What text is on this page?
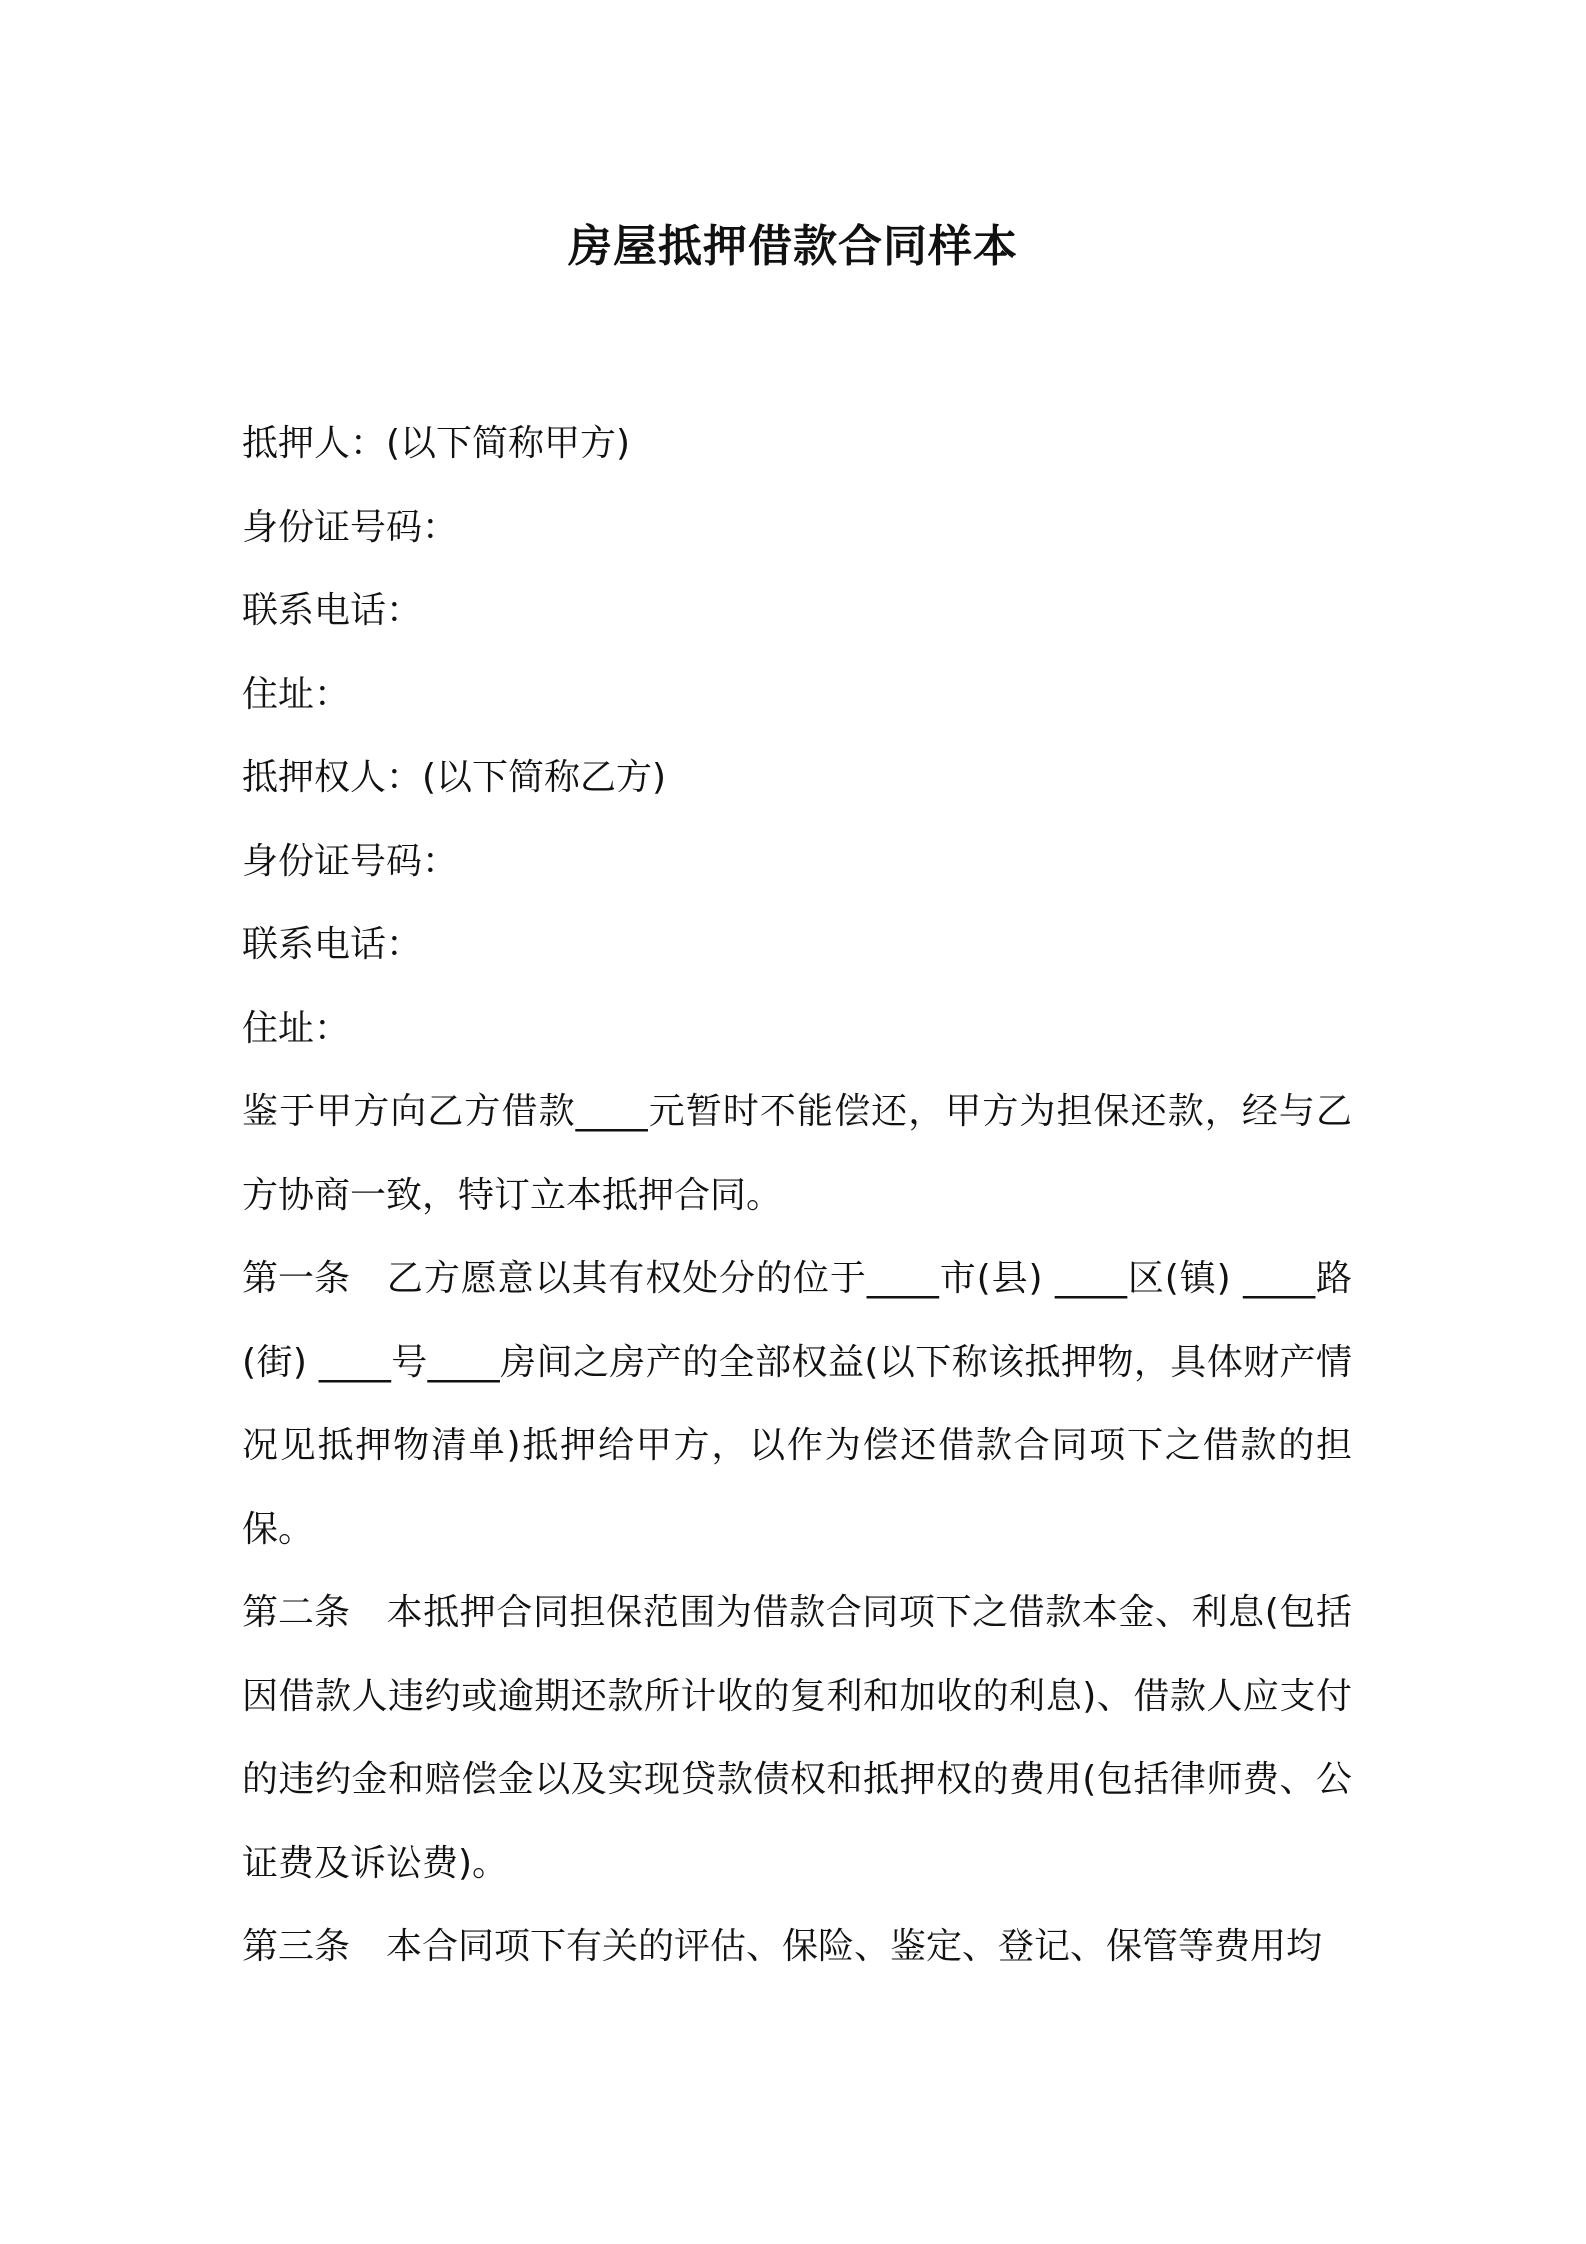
房屋抵押借款合同样本

抵押人：(以下简称甲方)

身份证号码：

联系电话：

住址：

抵押权人：(以下简称乙方)

身份证号码：

联系电话：

住址：

鉴于甲方向乙方借款____元暂时不能偿还，甲方为担保还款，经与乙方协商一致，特订立本抵押合同。

第一条 乙方愿意以其有权处分的位于____市(县) ____区(镇) ____路(街) ____号____房间之房产的全部权益(以下称该抵押物，具体财产情况见抵押物清单)抵押给甲方，以作为偿还借款合同项下之借款的担保。

第二条 本抵押合同担保范围为借款合同项下之借款本金、利息(包括因借款人违约或逾期还款所计收的复利和加收的利息)、借款人应支付的违约金和赔偿金以及实现贷款债权和抵押权的费用(包括律师费、公证费及诉讼费)。

第三条 本合同项下有关的评估、保险、鉴定、登记、保管等费用均
